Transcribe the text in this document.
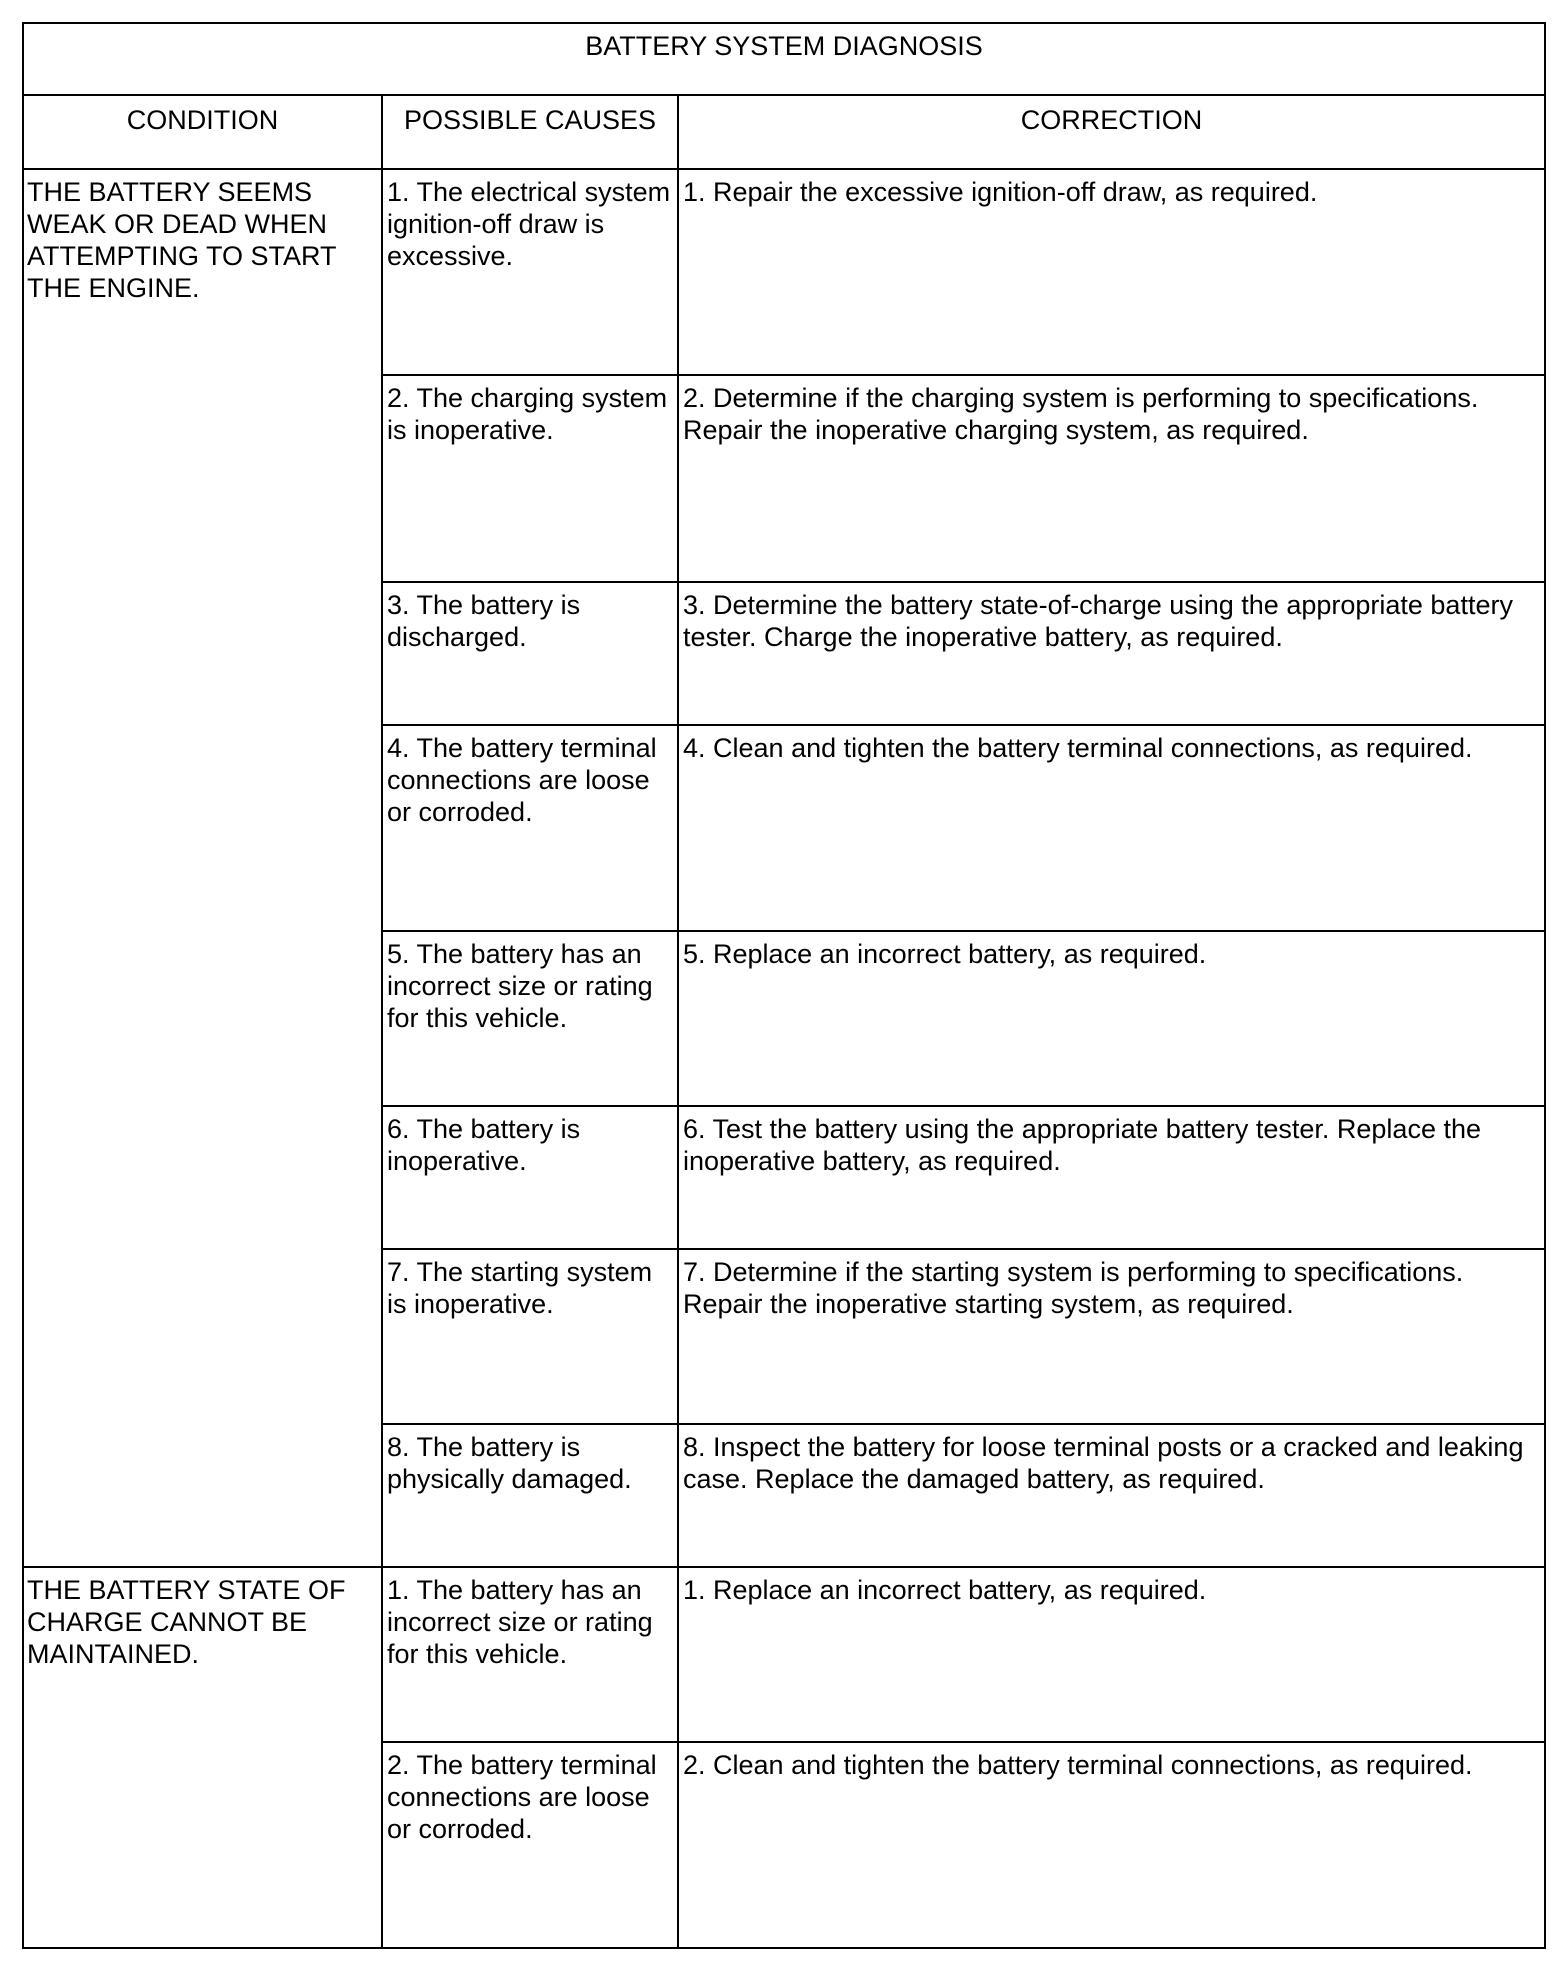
BATTERY SYSTEM DIAGNOSIS		
CONDITION	POSSIBLE CAUSES	CORRECTION
THE BATTERY SEEMS WEAK OR DEAD WHEN ATTEMPTING TO START THE ENGINE.	1. The electrical system ignition-off draw is excessive.	1. Repair the excessive ignition-off draw, as required.
	2. The charging system is inoperative.	2. Determine if the charging system is performing to specifications. Repair the inoperative charging system, as required.
	3. The battery is discharged.	3. Determine the battery state-of-charge using the appropriate battery tester. Charge the inoperative battery, as required.
	4. The battery terminal connections are loose or corroded.	4. Clean and tighten the battery terminal connections, as required.
	5. The battery has an incorrect size or rating for this vehicle.	5. Replace an incorrect battery, as required.
	6. The battery is inoperative.	6. Test the battery using the appropriate battery tester. Replace the inoperative battery, as required.
	7. The starting system is inoperative.	7. Determine if the starting system is performing to specifications. Repair the inoperative starting system, as required.
	8. The battery is physically damaged.	8. Inspect the battery for loose terminal posts or a cracked and leaking case. Replace the damaged battery, as required.
THE BATTERY STATE OF CHARGE CANNOT BE MAINTAINED.	1. The battery has an incorrect size or rating for this vehicle.	1. Replace an incorrect battery, as required.
	2. The battery terminal connections are loose or corroded.	2. Clean and tighten the battery terminal connections, as required.
